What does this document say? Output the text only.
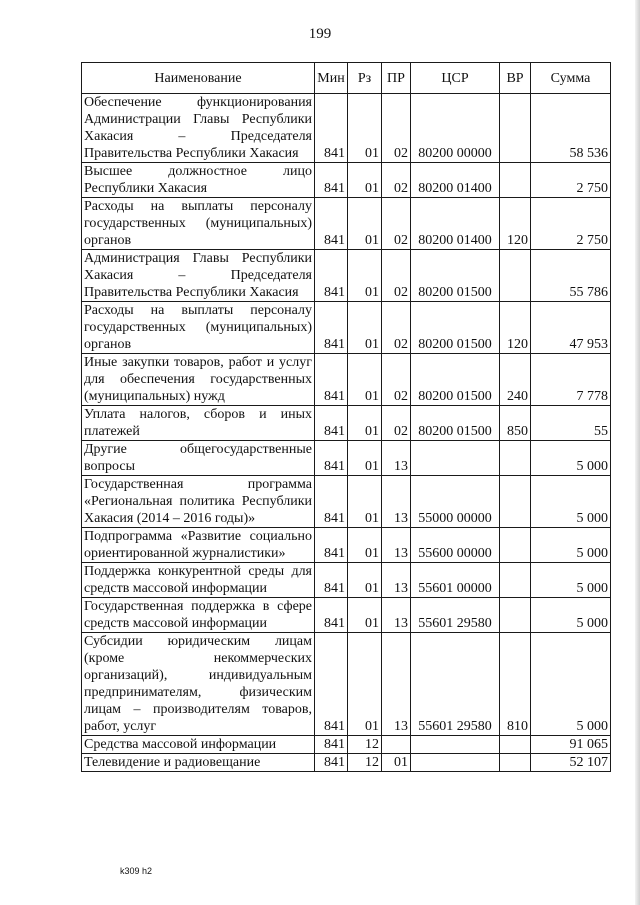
199
Наименование	Мин	Рз	ПР	ЦСР	ВР	Сумма
Обеспечение функционирования Администрации Главы Республики Хакасия – Председателя Правительства Республики Хакасия	841	01	02	80200 00000		58 536
Высшее должностное лицо Республики Хакасия	841	01	02	80200 01400		2 750
Расходы на выплаты персоналу государственных (муниципальных) органов	841	01	02	80200 01400	120	2 750
Администрация Главы Республики Хакасия – Председателя Правительства Республики Хакасия	841	01	02	80200 01500		55 786
Расходы на выплаты персоналу государственных (муниципальных) органов	841	01	02	80200 01500	120	47 953
Иные закупки товаров, работ и услуг для обеспечения государственных (муниципальных) нужд	841	01	02	80200 01500	240	7 778
Уплата налогов, сборов и иных платежей	841	01	02	80200 01500	850	55
Другие общегосударственные вопросы	841	01	13			5 000
Государственная программа «Региональная политика Республики Хакасия (2014 – 2016 годы)»	841	01	13	55000 00000		5 000
Подпрограмма «Развитие социально ориентированной журналистики»	841	01	13	55600 00000		5 000
Поддержка конкурентной среды для средств массовой информации	841	01	13	55601 00000		5 000
Государственная поддержка в сфере средств массовой информации	841	01	13	55601 29580		5 000
Субсидии юридическим лицам (кроме некоммерческих организаций), индивидуальным предпринимателям, физическим лицам – производителям товаров, работ, услуг	841	01	13	55601 29580	810	5 000
Средства массовой информации	841	12				91 065
Телевидение и радиовещание	841	12	01			52 107
k309 h2
